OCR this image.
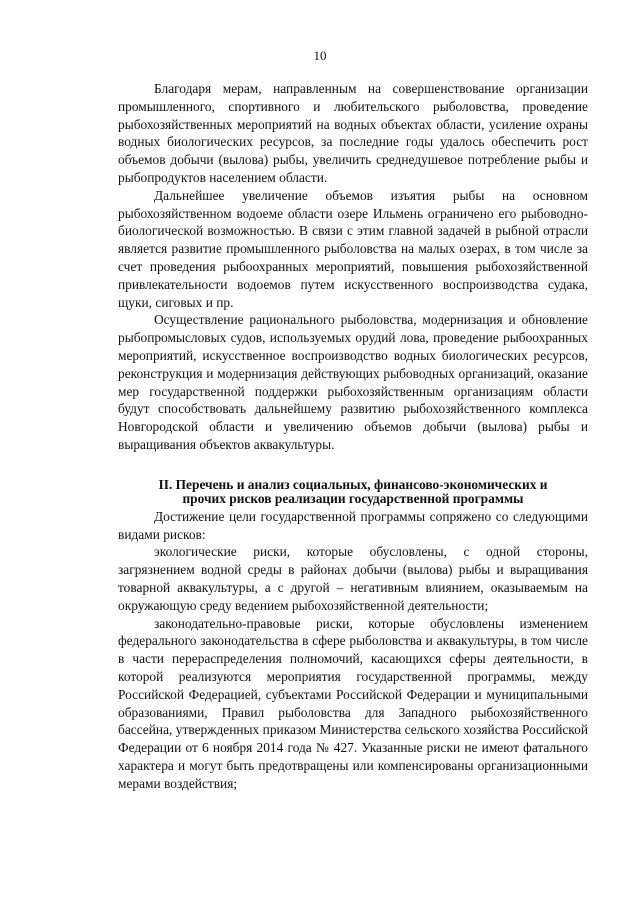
10

Благодаря мерам, направленным на совершенствование организации промышленного, спортивного и любительского рыболовства, проведение рыбохозяйственных мероприятий на водных объектах области, усиление охраны водных биологических ресурсов, за последние годы удалось обеспечить рост объемов добычи (вылова) рыбы, увеличить среднедушевое потребление рыбы и рыбопродуктов населением области.

Дальнейшее увеличение объемов изъятия рыбы на основном рыбохозяйственном водоеме области озере Ильмень ограничено его рыбоводно-биологической возможностью. В связи с этим главной задачей в рыбной отрасли является развитие промышленного рыболовства на малых озерах, в том числе за счет проведения рыбоохранных мероприятий, повышения рыбохозяйственной привлекательности водоемов путем искусственного воспроизводства судака, щуки, сиговых и пр.

Осуществление рационального рыболовства, модернизация и обновление рыбопромысловых судов, используемых орудий лова, проведение рыбоохранных мероприятий, искусственное воспроизводство водных биологических ресурсов, реконструкция и модернизация действующих рыбоводных организаций, оказание мер государственной поддержки рыбохозяйственным организациям области будут способствовать дальнейшему развитию рыбохозяйственного комплекса Новгородской области и увеличению объемов добычи (вылова) рыбы и выращивания объектов аквакультуры.

II. Перечень и анализ социальных, финансово-экономических и
прочих рисков реализации государственной программы

Достижение цели государственной программы сопряжено со следующими видами рисков:

экологические риски, которые обусловлены, с одной стороны, загрязнением водной среды в районах добычи (вылова) рыбы и выращивания товарной аквакультуры, а с другой – негативным влиянием, оказываемым на окружающую среду ведением рыбохозяйственной деятельности;

законодательно-правовые риски, которые обусловлены изменением федерального законодательства в сфере рыболовства и аквакультуры, в том числе в части перераспределения полномочий, касающихся сферы деятельности, в которой реализуются мероприятия государственной программы, между Российской Федерацией, субъектами Российской Федерации и муниципальными образованиями, Правил рыболовства для Западного рыбохозяйственного бассейна, утвержденных приказом Министерства сельского хозяйства Российской Федерации от 6 ноября 2014 года № 427. Указанные риски не имеют фатального характера и могут быть предотвращены или компенсированы организационными мерами воздействия;
